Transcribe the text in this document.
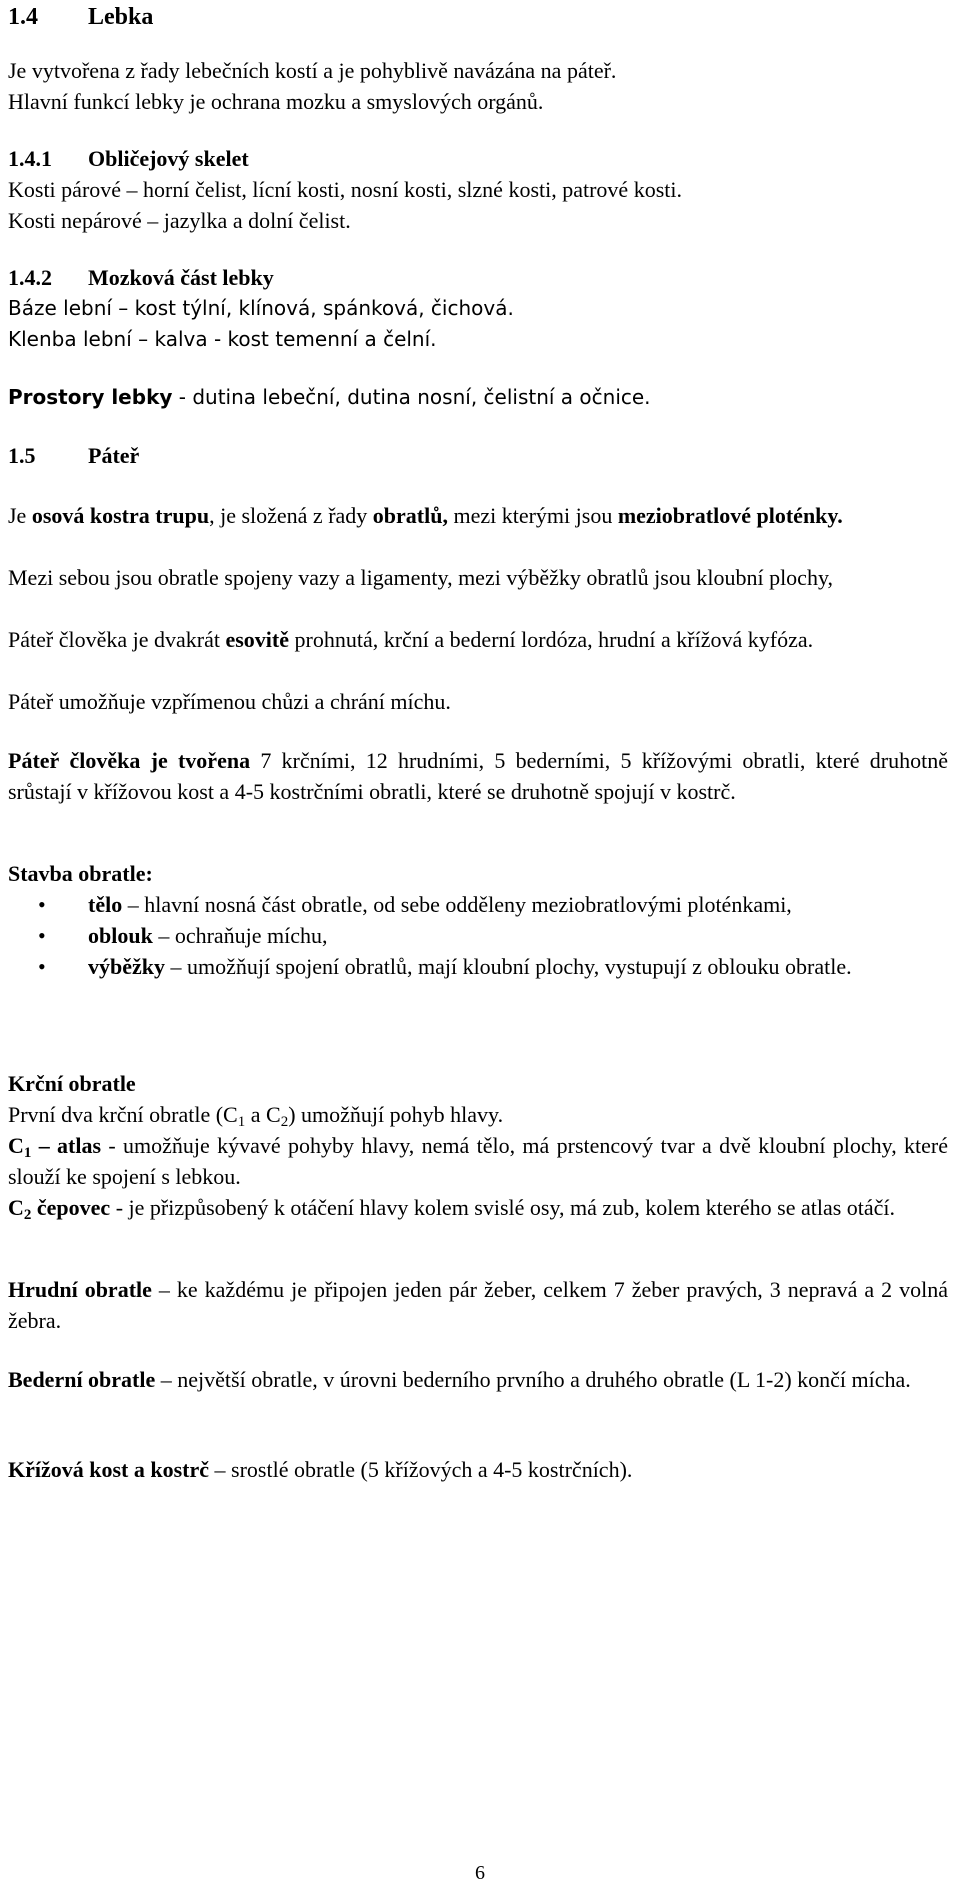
1.4 Lebka
Je vytvořena z řady lebečních kostí a je pohyblivě navázána na páteř.
Hlavní funkcí lebky je ochrana mozku a smyslových orgánů.
1.4.1 Obličejový skelet
Kosti párové – horní čelist, lícní kosti, nosní kosti, slzné kosti, patrové kosti.
Kosti nepárové – jazylka a dolní čelist.
1.4.2 Mozková část lebky
Báze lební – kost týlní, klínová, spánková, čichová.
Klenba lební – kalva - kost temenní a čelní.
Prostory lebky - dutina lebeční, dutina nosní, čelistní a očnice.
1.5 Páteř
Je osová kostra trupu, je složená z řady obratlů, mezi kterými jsou meziobratlové ploténky.
Mezi sebou jsou obratle spojeny vazy a ligamenty, mezi výběžky obratlů jsou kloubní plochy,
Páteř člověka je dvakrát esovitě prohnutá, krční a bederní lordóza, hrudní a křížová kyfóza.
Páteř umožňuje vzpřímenou chůzi a chrání míchu.
Páteř člověka je tvořena 7 krčními, 12 hrudními, 5 bederními, 5 křížovými obratli, které druhotně srůstají v křížovou kost a 4-5 kostrčními obratli, které se druhotně spojují v kostrč.
Stavba obratle:
• tělo – hlavní nosná část obratle, od sebe odděleny meziobratlovými ploténkami,
• oblouk – ochraňuje míchu,
• výběžky – umožňují spojení obratlů, mají kloubní plochy, vystupují z oblouku obratle.
Krční obratle
První dva krční obratle ($C_1$ a $C_2$) umožňují pohyb hlavy.
$C_1$ – atlas - umožňuje kývavé pohyby hlavy, nemá tělo, má prstencový tvar a dvě kloubní plochy, které slouží ke spojení s lebkou.
$C_2$ čepovec - je přizpůsobený k otáčení hlavy kolem svislé osy, má zub, kolem kterého se atlas otáčí.
Hrudní obratle – ke každému je připojen jeden pár žeber, celkem 7 žeber pravých, 3 nepravá a 2 volná žebra.
Bederní obratle – největší obratle, v úrovni bederního prvního a druhého obratle (L 1-2) končí mícha.
Křížová kost a kostrč – srostlé obratle (5 křížových a 4-5 kostrčních).
6
